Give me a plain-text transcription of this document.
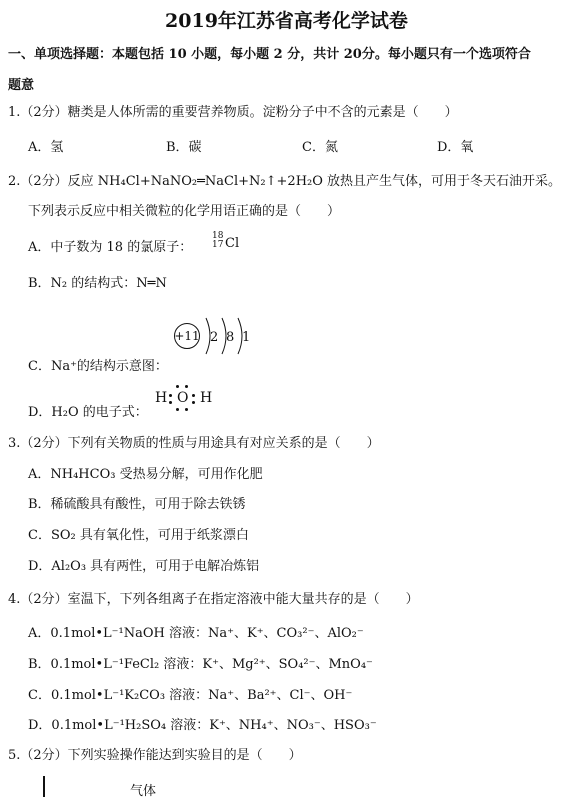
2019年江苏省高考化学试卷
一、单项选择题：本题包括 10 小题，每小题 2 分，共计 20分。每小题只有一个选项符合
题意
1.（2分）糖类是人体所需的重要营养物质。淀粉分子中不含的元素是（　　）
A．氢	B．碳	C．氮	D．氧
2.（2分）反应 NH₄Cl+NaNO₂═NaCl+N₂↑+2H₂O 放热且产生气体，可用于冬天石油开采。
下列表示反应中相关微粒的化学用语正确的是（　　）
A．中子数为 18 的氯原子：
18
17 Cl
B．N₂ 的结构式：N═N
+11 2 8 1
C．Na⁺的结构示意图：
D．H₂O 的电子式：
H O H
3.（2分）下列有关物质的性质与用途具有对应关系的是（　　）
A．NH₄HCO₃ 受热易分解，可用作化肥
B．稀硫酸具有酸性，可用于除去铁锈
C．SO₂ 具有氧化性，可用于纸浆漂白
D．Al₂O₃ 具有两性，可用于电解冶炼铝
4.（2分）室温下，下列各组离子在指定溶液中能大量共存的是（　　）
A．0.1mol•L⁻¹NaOH 溶液：Na⁺、K⁺、CO₃²⁻、AlO₂⁻
B．0.1mol•L⁻¹FeCl₂ 溶液：K⁺、Mg²⁺、SO₄²⁻、MnO₄⁻
C．0.1mol•L⁻¹K₂CO₃ 溶液：Na⁺、Ba²⁺、Cl⁻、OH⁻
D．0.1mol•L⁻¹H₂SO₄ 溶液：K⁺、NH₄⁺、NO₃⁻、HSO₃⁻
5.（2分）下列实验操作能达到实验目的是（　　）
气体
